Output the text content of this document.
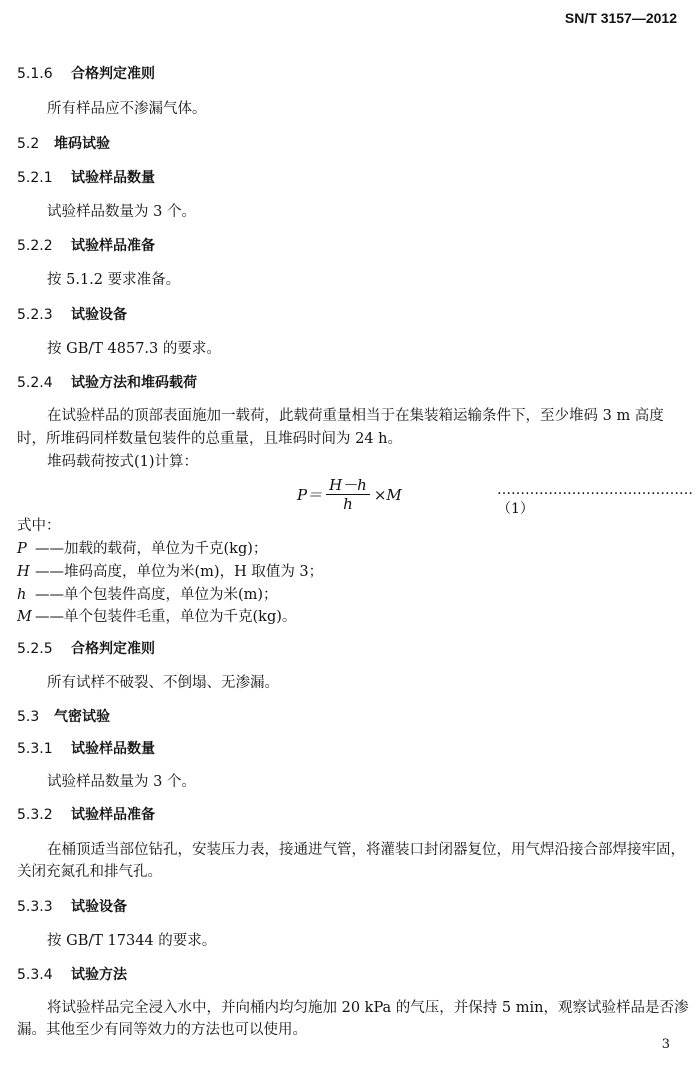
SN/T 3157—2012
5.1.6 合格判定准则
所有样品应不渗漏气体。
5.2 堆码试验
5.2.1 试验样品数量
试验样品数量为 3 个。
5.2.2 试验样品准备
按 5.1.2 要求准备。
5.2.3 试验设备
按 GB/T 4857.3 的要求。
5.2.4 试验方法和堆码载荷
在试验样品的顶部表面施加一载荷，此载荷重量相当于在集装箱运输条件下，至少堆码 3 m 高度
时，所堆码同样数量包装件的总重量，且堆码时间为 24 h。
堆码载荷按式(1)计算：
$P= \frac{H-h}{h} \times M$	……………………………………（1）
式中：
P ——加载的载荷，单位为千克(kg)；
H ——堆码高度，单位为米(m)，H 取值为 3；
h ——单个包装件高度，单位为米(m)；
M ——单个包装件毛重，单位为千克(kg)。
5.2.5 合格判定准则
所有试样不破裂、不倒塌、无渗漏。
5.3 气密试验
5.3.1 试验样品数量
试验样品数量为 3 个。
5.3.2 试验样品准备
在桶顶适当部位钻孔，安装压力表，接通进气管，将灌装口封闭器复位，用气焊沿接合部焊接牢固，
关闭充氮孔和排气孔。
5.3.3 试验设备
按 GB/T 17344 的要求。
5.3.4 试验方法
将试验样品完全浸入水中，并向桶内均匀施加 20 kPa 的气压，并保持 5 min，观察试验样品是否渗
漏。其他至少有同等效力的方法也可以使用。
3
